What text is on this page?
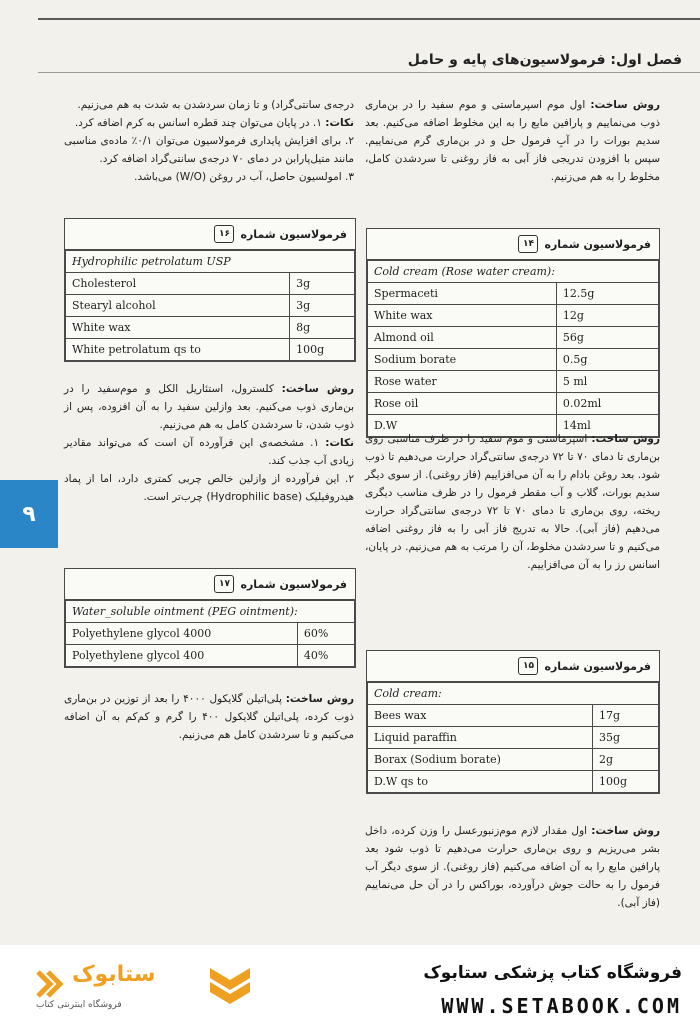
فصل اول: فرمولاسیون‌های پایه و حامل

روش ساخت: اول موم اسپرماستی و موم سفید را در بن‌ماری ذوب می‌نماییم و پارافین مایع را به این مخلوط اضافه می‌کنیم. بعد سدیم بورات را در آبِ فرمول حل و در بن‌ماری گرم می‌نماییم. سپس با افزودن تدریجی فاز آبی به فاز روغنی تا سردشدن کامل، مخلوط را به هم می‌زنیم.

فرمولاسیون شماره
۱۴
Cold cream (Rose water cream):	
Spermaceti	12.5g
White wax	12g
Almond oil	56g
Sodium borate	0.5g
Rose water	5 ml
Rose oil	0.02ml
D.W	14ml

روش ساخت: اسپرماستی و موم سفید را در ظرف مناسبی روی بن‌ماری تا دمای ۷۰ تا ۷۲ درجه‌ی سانتی‌گراد حرارت می‌دهیم تا ذوب شود. بعد روغن بادام را به آن می‌افزاییم (فاز روغنی). از سوی دیگر سدیم بورات، گلاب و آب مقطر فرمول را در ظرف مناسب دیگری ریخته، روی بن‌ماری تا دمای ۷۰ تا ۷۲ درجه‌ی سانتی‌گراد حرارت می‌دهیم (فاز آبی). حالا به تدریج فاز آبی را به فاز روغنی اضافه می‌کنیم و تا سردشدن مخلوط، آن را مرتب به هم می‌زنیم. در پایان، اسانس رز را به آن می‌افزاییم.

فرمولاسیون شماره
۱۵
Cold cream:	
Bees wax	17g
Liquid paraffin	35g
Borax (Sodium borate)	2g
D.W qs to	100g

روش ساخت: اول مقدار لازم موم‌زنبورعسل را وزن کرده، داخل بشر می‌ریزیم و روی بن‌ماری حرارت می‌دهیم تا ذوب شود بعد پارافین مایع را به آن اضافه می‌کنیم (فاز روغنی). از سوی دیگر آب فرمول را به حالت جوش درآورده، بوراکس را در آن حل می‌نماییم (فاز آبی).

درجه‌ی سانتی‌گراد) و تا زمان سردشدن به شدت به هم می‌زنیم.

نکات: ۱. در پایان می‌توان چند قطره اسانس به کرم اضافه کرد.

۲. برای افزایش پایداری فرمولاسیون می‌توان ۰/۱٪ ماده‌ی مناسبی مانند متیل‌پارابن در دمای ۷۰ درجه‌ی سانتی‌گراد اضافه کرد.

۳. امولسیون حاصل، آب در روغن (W/O) می‌باشد.

فرمولاسیون شماره
۱۶
Hydrophilic petrolatum USP	
Cholesterol	3g
Stearyl alcohol	3g
White wax	8g
White petrolatum qs to	100g

روش ساخت: کلسترول، استئاریل الکل و موم‌سفید را در بن‌ماری ذوب می‌کنیم. بعد وازلین سفید را به آن افزوده، پس از ذوب شدن، تا سردشدن کامل به هم می‌زنیم.

نکات: ۱. مشخصه‌ی این فرآورده آن است که می‌تواند مقادیر زیادی آب جذب کند.

۲. این فرآورده از وازلین خالص چربی کمتری دارد، اما از پماد هیدروفیلیک (Hydrophilic base) چرب‌تر است.

فرمولاسیون شماره
۱۷
Water_soluble ointment (PEG ointment):	
Polyethylene glycol 4000	60%
Polyethylene glycol 400	40%

روش ساخت: پلی‌اتیلن گلایکول ۴۰۰۰ را بعد از توزین در بن‌ماری ذوب کرده، پلی‌اتیلن گلایکول ۴۰۰ را گرم و کم‌کم به آن اضافه می‌کنیم و تا سردشدن کامل هم می‌زنیم.

۹
ستابوک
فروشگاه اینترنتی کتاب
فروشگاه کتاب پزشکی ستابوک
WWW.SETABOOK.COM
